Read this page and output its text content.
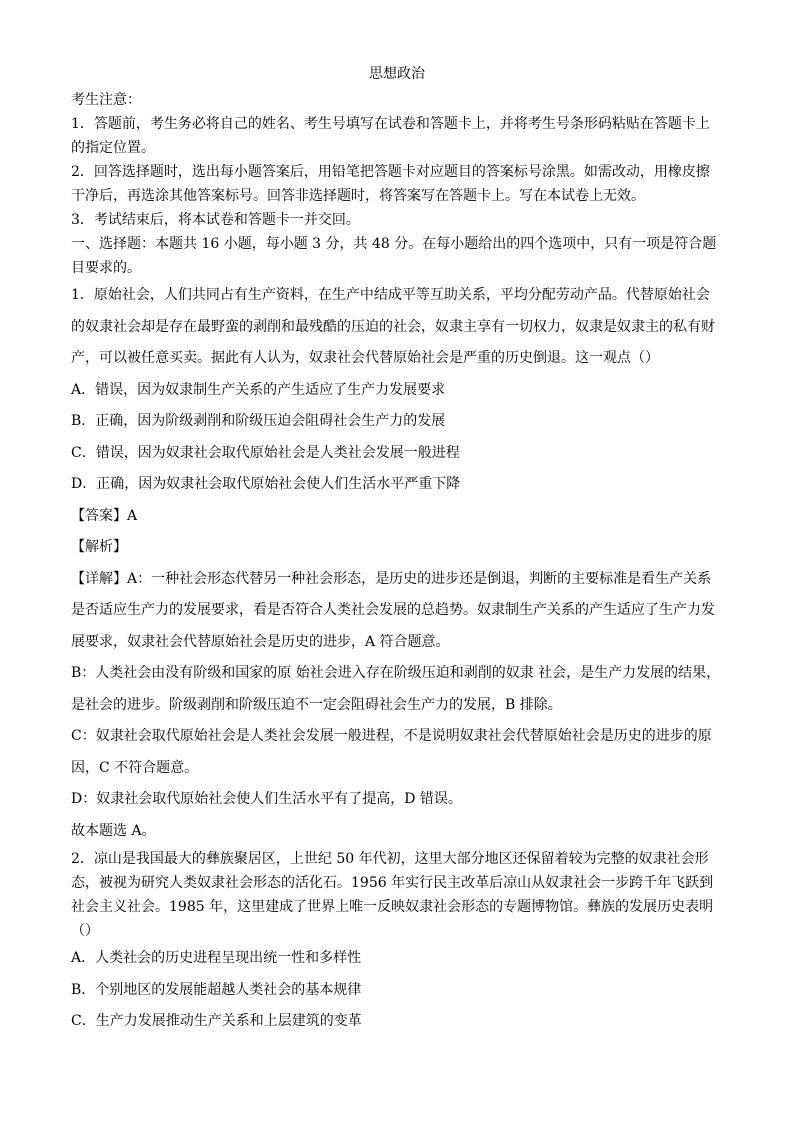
思想政治

考生注意：

1．答题前，考生务必将自己的姓名、考生号填写在试卷和答题卡上，并将考生号条形码粘贴在答题卡上的指定位置。

2．回答选择题时，选出每小题答案后，用铅笔把答题卡对应题目的答案标号涂黑。如需改动，用橡皮擦干净后，再选涂其他答案标号。回答非选择题时，将答案写在答题卡上。写在本试卷上无效。

3．考试结束后，将本试卷和答题卡一并交回。

一、选择题：本题共 16 小题，每小题 3 分，共 48 分。在每小题给出的四个选项中，只有一项是符合题目要求的。

1．原始社会，人们共同占有生产资料，在生产中结成平等互助关系，平均分配劳动产品。代替原始社会的奴隶社会却是存在最野蛮的剥削和最残酷的压迫的社会，奴隶主享有一切权力，奴隶是奴隶主的私有财产，可以被任意买卖。据此有人认为，奴隶社会代替原始社会是严重的历史倒退。这一观点（）

A．错误，因为奴隶制生产关系的产生适应了生产力发展要求

B．正确，因为阶级剥削和阶级压迫会阻碍社会生产力的发展

C．错误，因为奴隶社会取代原始社会是人类社会发展一般进程

D．正确，因为奴隶社会取代原始社会使人们生活水平严重下降

【答案】A

【解析】

【详解】A：一种社会形态代替另一种社会形态，是历史的进步还是倒退，判断的主要标准是看生产关系是否适应生产力的发展要求，看是否符合人类社会发展的总趋势。奴隶制生产关系的产生适应了生产力发展要求，奴隶社会代替原始社会是历史的进步，A 符合题意。

B：人类社会由没有阶级和国家的原 始社会进入存在阶级压迫和剥削的奴隶 社会，是生产力发展的结果，是社会的进步。阶级剥削和阶级压迫不一定会阻碍社会生产力的发展，B 排除。

C：奴隶社会取代原始社会是人类社会发展一般进程，不是说明奴隶社会代替原始社会是历史的进步的原因，C 不符合题意。

D：奴隶社会取代原始社会使人们生活水平有了提高，D 错误。

故本题选 A。

2．凉山是我国最大的彝族聚居区，上世纪 50 年代初，这里大部分地区还保留着较为完整的奴隶社会形态，被视为研究人类奴隶社会形态的活化石。1956 年实行民主改革后凉山从奴隶社会一步跨千年飞跃到社会主义社会。1985 年，这里建成了世界上唯一反映奴隶社会形态的专题博物馆。彝族的发展历史表明（）

A．人类社会的历史进程呈现出统一性和多样性

B．个别地区的发展能超越人类社会的基本规律

C．生产力发展推动生产关系和上层建筑的变革
